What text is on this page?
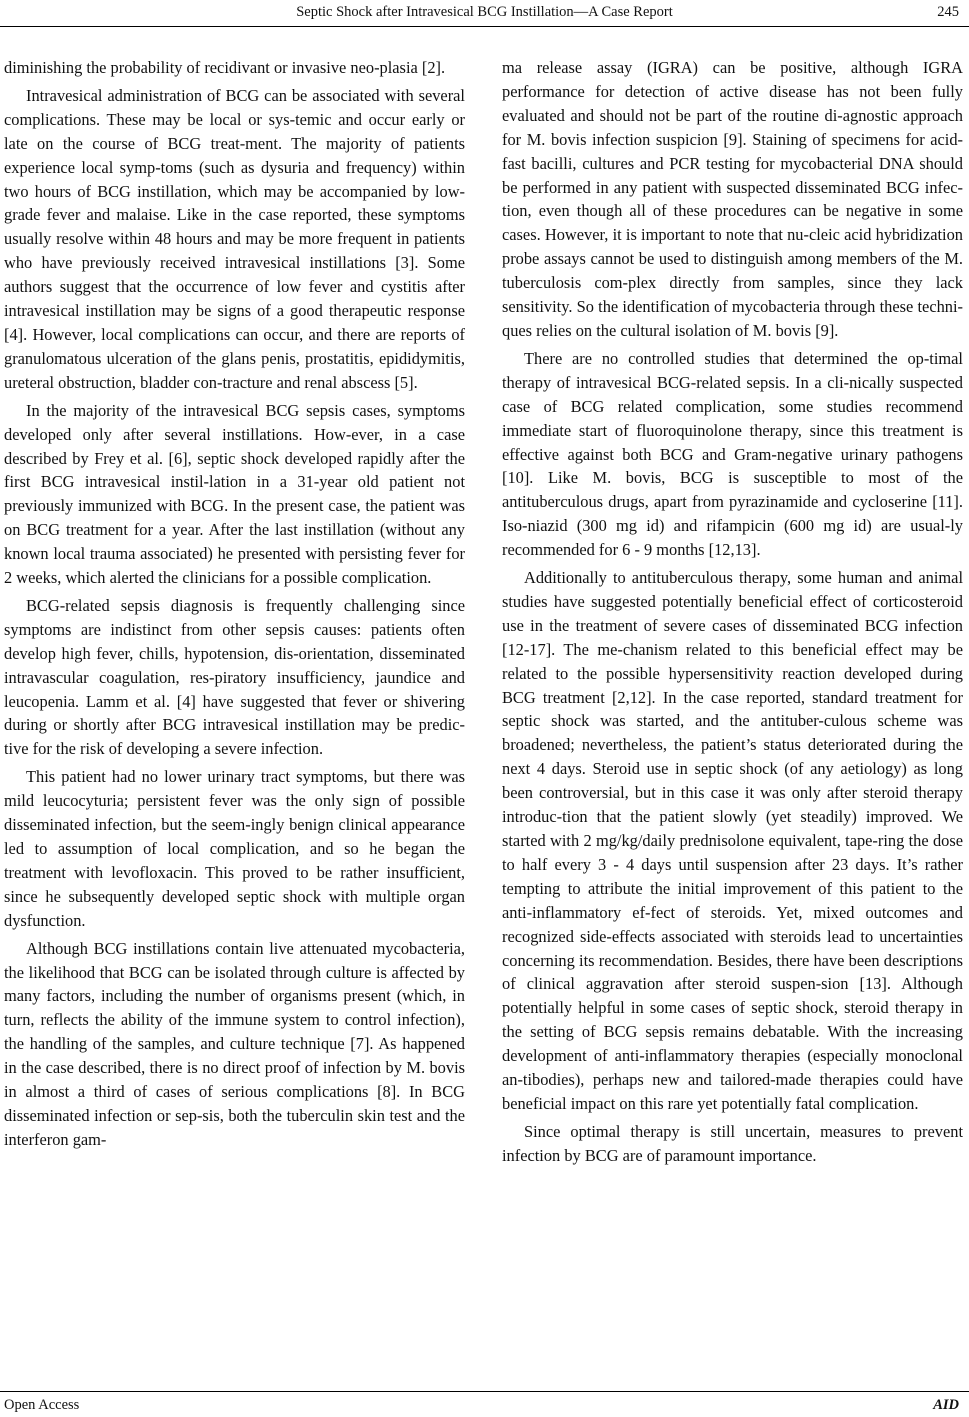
Septic Shock after Intravesical BCG Instillation—A Case Report	245

diminishing the probability of recidivant or invasive neo-plasia [2].

Intravesical administration of BCG can be associated with several complications. These may be local or sys-temic and occur early or late on the course of BCG treat-ment. The majority of patients experience local symp-toms (such as dysuria and frequency) within two hours of BCG instillation, which may be accompanied by low-grade fever and malaise. Like in the case reported, these symptoms usually resolve within 48 hours and may be more frequent in patients who have previously received intravesical instillations [3]. Some authors suggest that the occurrence of low fever and cystitis after intravesical instillation may be signs of a good therapeutic response [4]. However, local complications can occur, and there are reports of granulomatous ulceration of the glans penis, prostatitis, epididymitis, ureteral obstruction, bladder con-tracture and renal abscess [5].

In the majority of the intravesical BCG sepsis cases, symptoms developed only after several instillations. How-ever, in a case described by Frey et al. [6], septic shock developed rapidly after the first BCG intravesical instil-lation in a 31-year old patient not previously immunized with BCG. In the present case, the patient was on BCG treatment for a year. After the last instillation (without any known local trauma associated) he presented with persisting fever for 2 weeks, which alerted the clinicians for a possible complication.

BCG-related sepsis diagnosis is frequently challenging since symptoms are indistinct from other sepsis causes: patients often develop high fever, chills, hypotension, dis-orientation, disseminated intravascular coagulation, res-piratory insufficiency, jaundice and leucopenia. Lamm et al. [4] have suggested that fever or shivering during or shortly after BCG intravesical instillation may be predic-tive for the risk of developing a severe infection.

This patient had no lower urinary tract symptoms, but there was mild leucocyturia; persistent fever was the only sign of possible disseminated infection, but the seem-ingly benign clinical appearance led to assumption of local complication, and so he began the treatment with levofloxacin. This proved to be rather insufficient, since he subsequently developed septic shock with multiple organ dysfunction.

Although BCG instillations contain live attenuated mycobacteria, the likelihood that BCG can be isolated through culture is affected by many factors, including the number of organisms present (which, in turn, reflects the ability of the immune system to control infection), the handling of the samples, and culture technique [7]. As happened in the case described, there is no direct proof of infection by M. bovis in almost a third of cases of serious complications [8]. In BCG disseminated infection or sep-sis, both the tuberculin skin test and the interferon gam-

ma release assay (IGRA) can be positive, although IGRA performance for detection of active disease has not been fully evaluated and should not be part of the routine di-agnostic approach for M. bovis infection suspicion [9]. Staining of specimens for acid-fast bacilli, cultures and PCR testing for mycobacterial DNA should be performed in any patient with suspected disseminated BCG infec-tion, even though all of these procedures can be negative in some cases. However, it is important to note that nu-cleic acid hybridization probe assays cannot be used to distinguish among members of the M. tuberculosis com-plex directly from samples, since they lack sensitivity. So the identification of mycobacteria through these techni-ques relies on the cultural isolation of M. bovis [9].

There are no controlled studies that determined the op-timal therapy of intravesical BCG-related sepsis. In a cli-nically suspected case of BCG related complication, some studies recommend immediate start of fluoroquinolone therapy, since this treatment is effective against both BCG and Gram-negative urinary pathogens [10]. Like M. bovis, BCG is susceptible to most of the antituberculous drugs, apart from pyrazinamide and cycloserine [11]. Iso-niazid (300 mg id) and rifampicin (600 mg id) are usual-ly recommended for 6 - 9 months [12,13].

Additionally to antituberculous therapy, some human and animal studies have suggested potentially beneficial effect of corticosteroid use in the treatment of severe cases of disseminated BCG infection [12-17]. The me-chanism related to this beneficial effect may be related to the possible hypersensitivity reaction developed during BCG treatment [2,12]. In the case reported, standard treatment for septic shock was started, and the antituber-culous scheme was broadened; nevertheless, the patient’s status deteriorated during the next 4 days. Steroid use in septic shock (of any aetiology) as long been controversial, but in this case it was only after steroid therapy introduc-tion that the patient slowly (yet steadily) improved. We started with 2 mg/kg/daily prednisolone equivalent, tape-ring the dose to half every 3 - 4 days until suspension after 23 days. It’s rather tempting to attribute the initial improvement of this patient to the anti-inflammatory ef-fect of steroids. Yet, mixed outcomes and recognized side-effects associated with steroids lead to uncertainties concerning its recommendation. Besides, there have been descriptions of clinical aggravation after steroid suspen-sion [13]. Although potentially helpful in some cases of septic shock, steroid therapy in the setting of BCG sepsis remains debatable. With the increasing development of anti-inflammatory therapies (especially monoclonal an-tibodies), perhaps new and tailored-made therapies could have beneficial impact on this rare yet potentially fatal complication.

Since optimal therapy is still uncertain, measures to prevent infection by BCG are of paramount importance.

Open Access	AID
